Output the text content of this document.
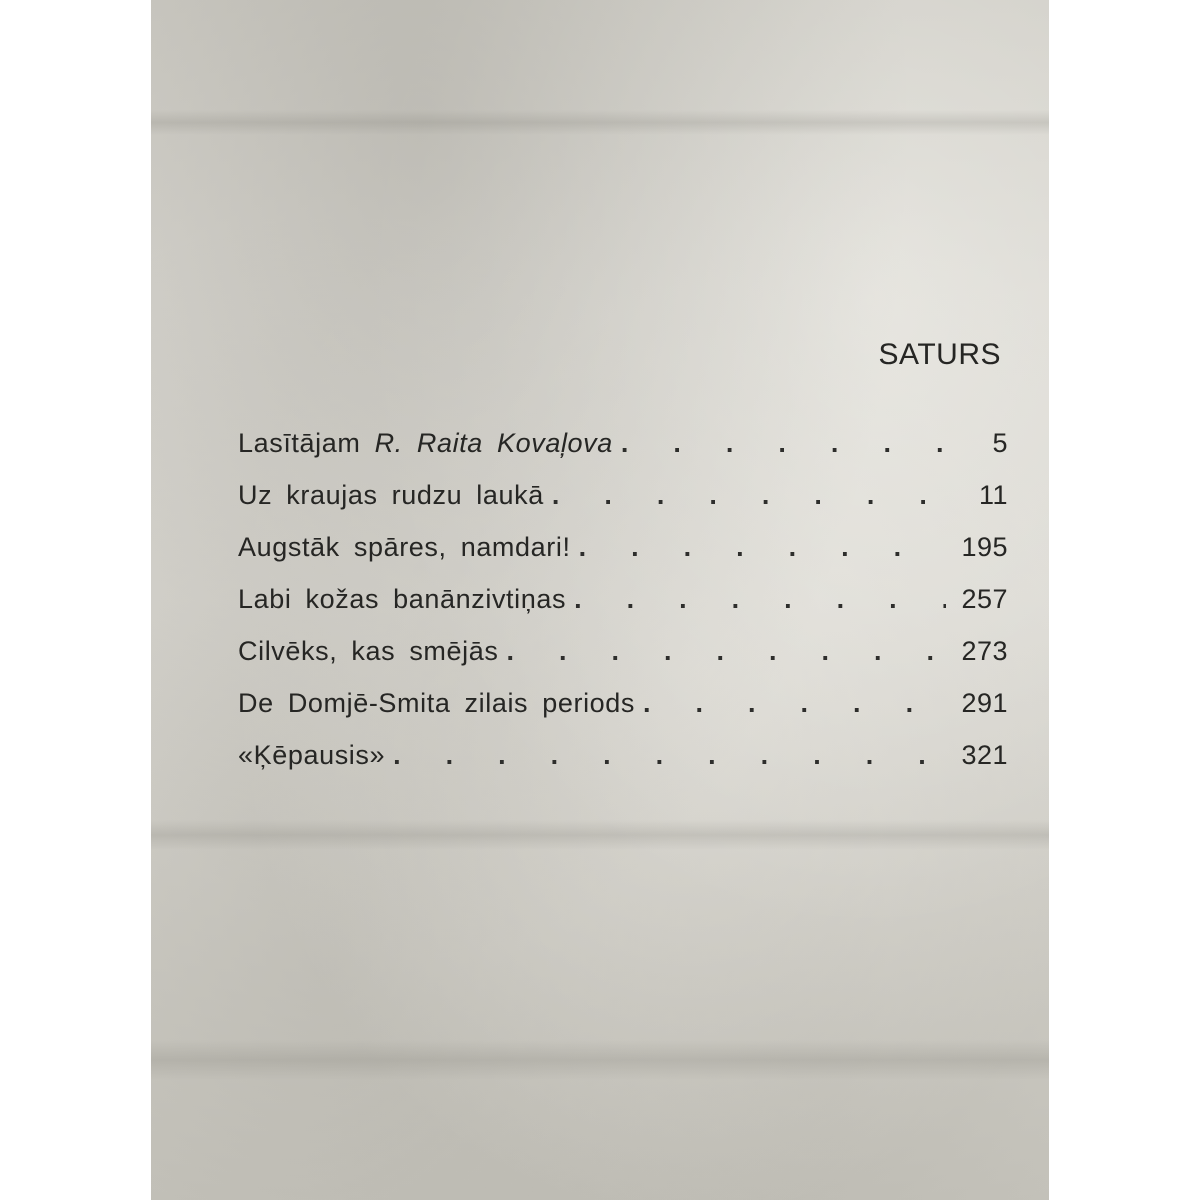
SATURS
Lasītājam R. Raita Kovaļova .	5
Uz kraujas rudzu laukā .	11
Augstāk spāres, namdari! .	195
Labi kožas banānzivtiņas .	257
Cilvēks, kas smējās .	273
De Domjē-Smita zilais periods .	291
«Ķēpausis» .	321
